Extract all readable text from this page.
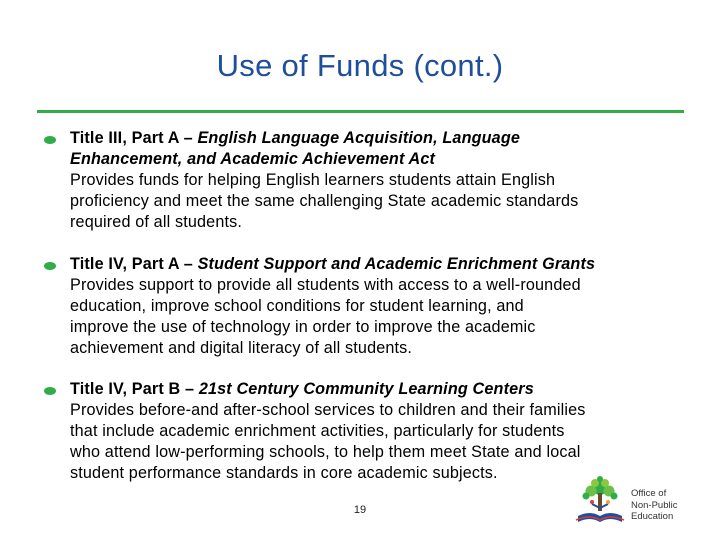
Use of Funds (cont.)
Title III, Part A – English Language Acquisition, Language
Enhancement, and Academic Achievement Act
Provides funds for helping English learners students attain English
proficiency and meet the same challenging State academic standards
required of all students.
Title IV, Part A – Student Support and Academic Enrichment Grants
Provides support to provide all students with access to a well-rounded
education, improve school conditions for student learning, and
improve the use of technology in order to improve the academic
achievement and digital literacy of all students.
Title IV, Part B – 21st Century Community Learning Centers
Provides before-and after-school services to children and their families
that include academic enrichment activities, particularly for students
who attend low-performing schools, to help them meet State and local
student performance standards in core academic subjects.
19
Office of
Non-Public
Education
